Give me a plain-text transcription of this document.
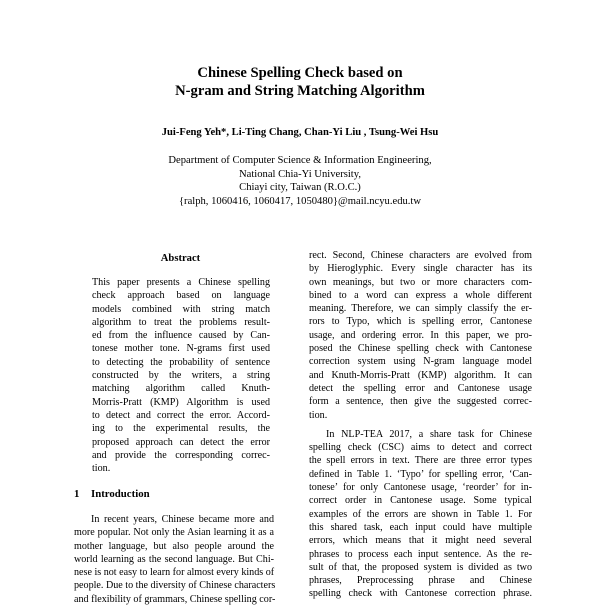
Chinese Spelling Check based on
N-gram and String Matching Algorithm
Jui-Feng Yeh*, Li-Ting Chang, Chan-Yi Liu , Tsung-Wei Hsu
Department of Computer Science & Information Engineering,
National Chia-Yi University,
Chiayi city, Taiwan (R.O.C.)
{ralph, 1060416, 1060417, 1050480}@mail.ncyu.edu.tw
Abstract
This paper presents a Chinese spelling
check approach based on language
models combined with string match
algorithm to treat the problems result-
ed from the influence caused by Can-
tonese mother tone. N-grams first used
to detecting the probability of sentence
constructed by the writers, a string
matching algorithm called Knuth-
Morris-Pratt (KMP) Algorithm is used
to detect and correct the error. Accord-
ing to the experimental results, the
proposed approach can detect the error
and provide the corresponding correc-
tion.
1 Introduction
In recent years, Chinese became more and
more popular. Not only the Asian learning it as a
mother language, but also people around the
world learning as the second language. But Chi-
nese is not easy to learn for almost every kinds of
people. Due to the diversity of Chinese characters
and flexibility of grammars, Chinese spelling cor-
rect. Second, Chinese characters are evolved from
by Hieroglyphic. Every single character has its
own meanings, but two or more characters com-
bined to a word can express a whole different
meaning. Therefore, we can simply classify the er-
rors to Typo, which is spelling error, Cantonese
usage, and ordering error. In this paper, we pro-
posed the Chinese spelling check with Cantonese
correction system using N-gram language model
and Knuth-Morris-Pratt (KMP) algorithm. It can
detect the spelling error and Cantonese usage
form a sentence, then give the suggested correc-
tion.
In NLP-TEA 2017, a share task for Chinese
spelling check (CSC) aims to detect and correct
the spell errors in text. There are three error types
defined in Table 1. ‘Typo’ for spelling error, ‘Can-
tonese’ for only Cantonese usage, ‘reorder’ for in-
correct order in Cantonese usage. Some typical
examples of the errors are shown in Table 1. For
this shared task, each input could have multiple
errors, which means that it might need several
phrases to process each input sentence. As the re-
sult of that, the proposed system is divided as two
phrases, Preprocessing phrase and Chinese
spelling check with Cantonese correction phrase.
